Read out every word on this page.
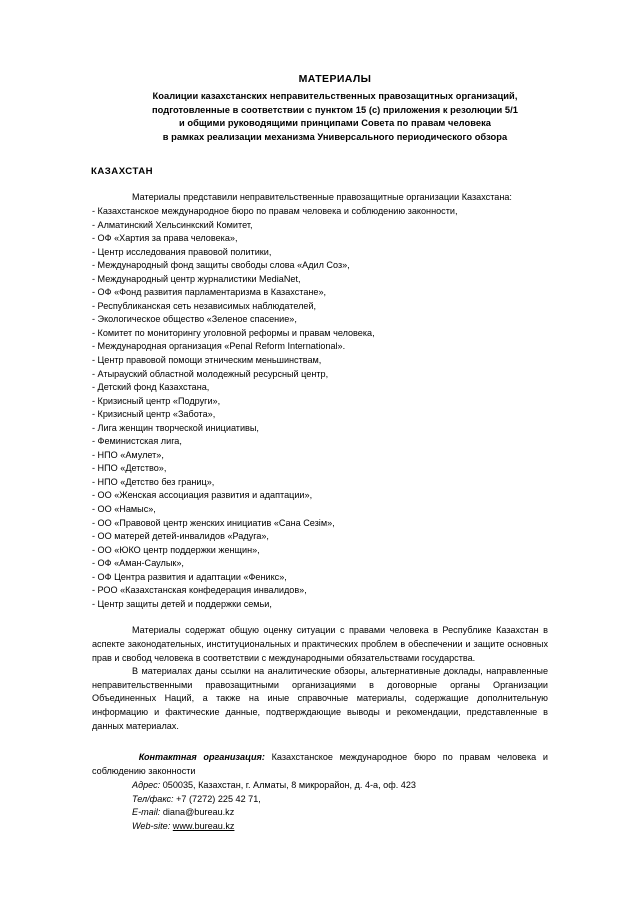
МАТЕРИАЛЫ
Коалиции казахстанских неправительственных правозащитных организаций,
подготовленные в соответствии с пунктом 15 (с) приложения к резолюции 5/1
и общими руководящими принципами Совета по правам человека
в рамках реализации механизма Универсального периодического обзора
КАЗАХСТАН

Материалы представили неправительственные правозащитные организации Казахстана:

- Казахстанское международное бюро по правам человека и соблюдению законности,
- Алматинский Хельсинкский Комитет,
- ОФ «Хартия за права человека»,
- Центр исследования правовой политики,
- Международный фонд защиты свободы слова «Адил Соз»,
- Международный центр журналистики MediaNet,
- ОФ «Фонд развития парламентаризма в Казахстане»,
- Республиканская сеть независимых наблюдателей,
- Экологическое общество «Зеленое спасение»,
- Комитет по мониторингу уголовной реформы и правам человека,
- Международная организация «Penal Reform International».
- Центр правовой помощи этническим меньшинствам,
- Атырауский областной молодежный ресурсный центр,
- Детский фонд Казахстана,
- Кризисный центр «Подруги»,
- Кризисный центр «Забота»,
- Лига женщин творческой инициативы,
- Феминистская лига,
- НПО «Амулет»,
- НПО «Детство»,
- НПО «Детство без границ»,
- ОО «Женская ассоциация развития и адаптации»,
- ОО «Намыс»,
- ОО «Правовой центр женских инициатив «Сана Сезім»,
- ОО матерей детей-инвалидов «Радуга»,
- ОО «ЮКО центр поддержки женщин»,
- ОФ «Аман-Саулык»,
- ОФ Центра развития и адаптации «Феникс»,
- РОО «Казахстанская конфедерация инвалидов»,
- Центр защиты детей и поддержки семьи,

Материалы содержат общую оценку ситуации с правами человека в Республике Казахстан в аспекте законодательных, институциональных и практических проблем в обеспечении и защите основных прав и свобод человека в соответствии с международными обязательствами государства.

В материалах даны ссылки на аналитические обзоры, альтернативные доклады, направленные неправительственными правозащитными организациями в договорные органы Организации Объединенных Наций, а также на иные справочные материалы, содержащие дополнительную информацию и фактические данные, подтверждающие выводы и рекомендации, представленные в данных материалах.

Контактная организация: Казахстанское международное бюро по правам человека и соблюдению законности

Адрес: 050035, Казахстан, г. Алматы, 8 микрорайон, д. 4-а, оф. 423

Тел/факс: +7 (7272) 225 42 71,

E-mail: diana@bureau.kz

Web-site: www.bureau.kz
